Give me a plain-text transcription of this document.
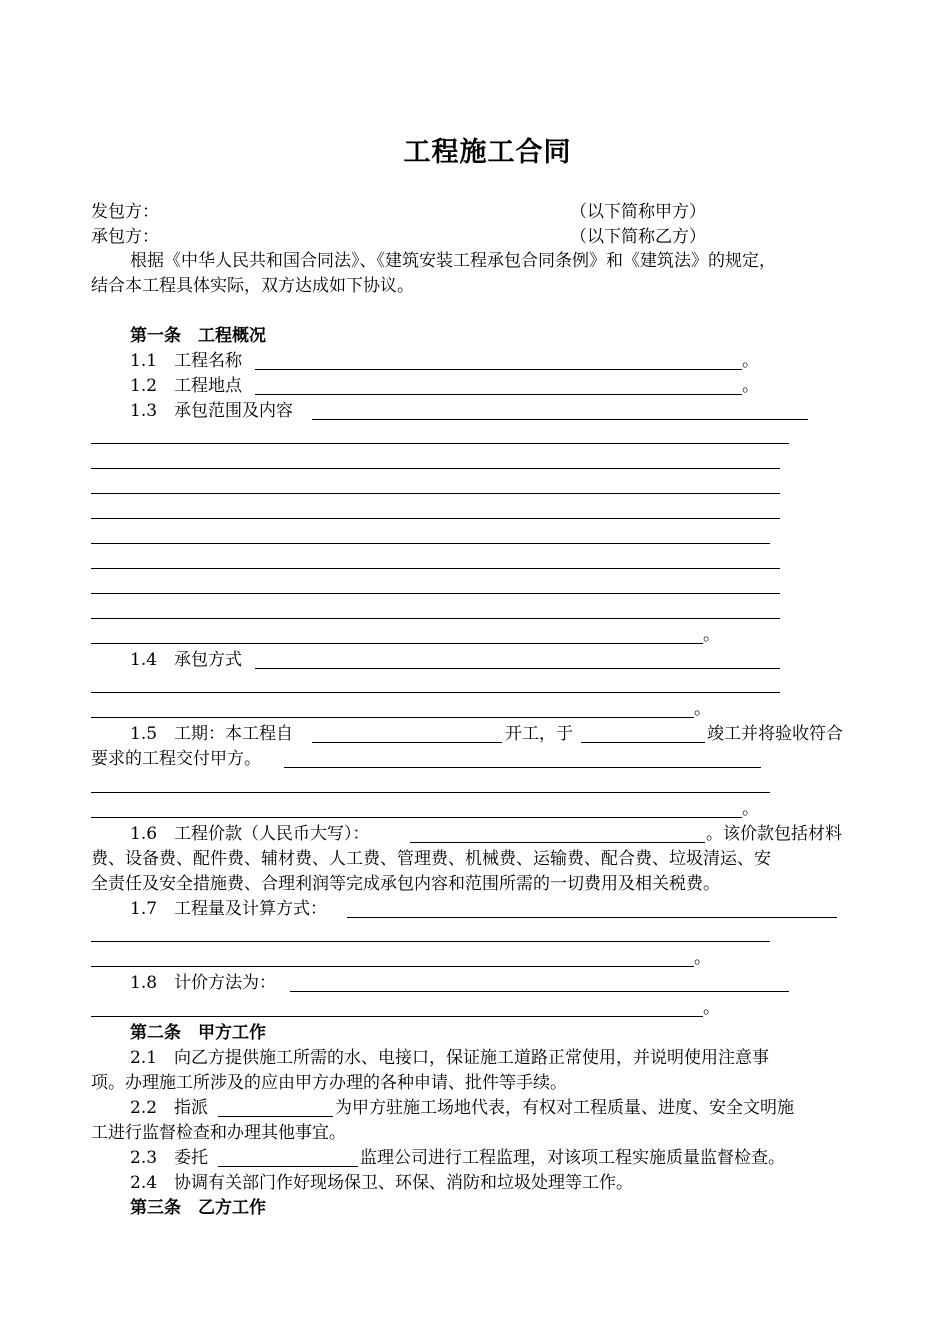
工程施工合同
发包方：	（以下简称甲方）
承包方：	（以下简称乙方）
根据《中华人民共和国合同法》、《建筑安装工程承包合同条例》和《建筑法》的规定，
结合本工程具体实际，双方达成如下协议。
第一条　工程概况
1.1　工程名称	。
1.2　工程地点	。
1.3　承包范围及内容
。
1.4　承包方式
。
1.5　工期：本工程自	开工，于	竣工并将验收符合
要求的工程交付甲方。
。
1.6　工程价款（人民币大写）：	。该价款包括材料
费、设备费、配件费、辅材费、人工费、管理费、机械费、运输费、配合费、垃圾清运、安
全责任及安全措施费、合理利润等完成承包内容和范围所需的一切费用及相关税费。
1.7　工程量及计算方式：
。
1.8　计价方法为：
。
第二条　甲方工作
2.1　向乙方提供施工所需的水、电接口，保证施工道路正常使用，并说明使用注意事
项。办理施工所涉及的应由甲方办理的各种申请、批件等手续。
2.2　指派	为甲方驻施工场地代表，有权对工程质量、进度、安全文明施
工进行监督检查和办理其他事宜。
2.3　委托	监理公司进行工程监理，对该项工程实施质量监督检查。
2.4　协调有关部门作好现场保卫、环保、消防和垃圾处理等工作。
第三条　乙方工作
